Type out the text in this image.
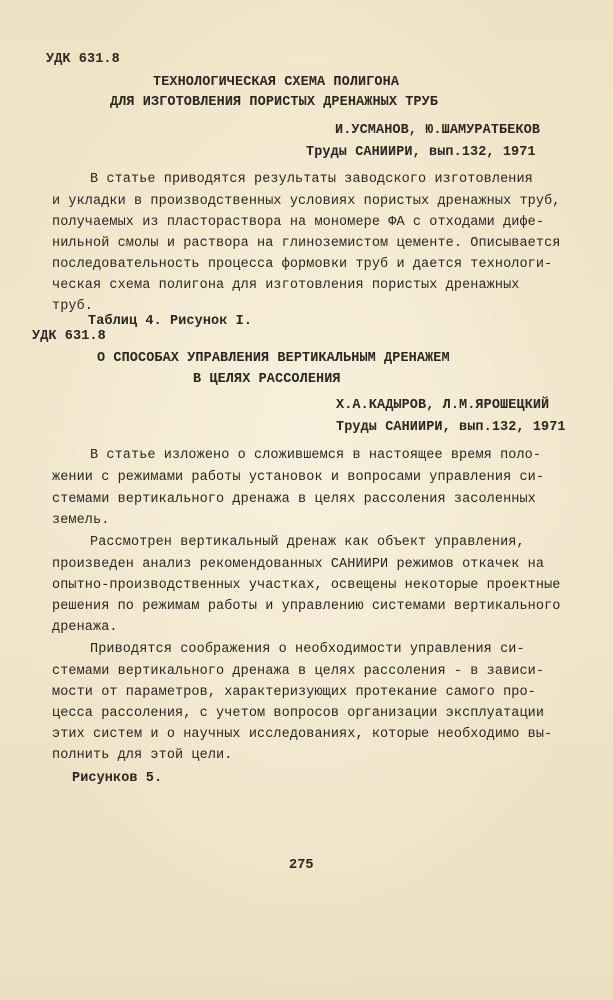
УДК 631.8
ТЕХНОЛОГИЧЕСКАЯ СХЕМА ПОЛИГОНА
ДЛЯ ИЗГОТОВЛЕНИЯ ПОРИСТЫХ ДРЕНАЖНЫХ ТРУБ
И.УСМАНОВ, Ю.ШАМУРАТБЕКОВ
Труды САНИИРИ, вып.132, 1971
В статье приводятся результаты заводского изготовления
и укладки в производственных условиях пористых дренажных труб,
получаемых из пластораствора на мономере ФА с отходами дифе-
нильной смолы и раствора на глиноземистом цементе. Описывается
последовательность процесса формовки труб и дается технологи-
ческая схема полигона для изготовления пористых дренажных
труб.
Таблиц 4. Рисунок I.
УДК 631.8
О СПОСОБАХ УПРАВЛЕНИЯ ВЕРТИКАЛЬНЫМ ДРЕНАЖЕМ
В ЦЕЛЯХ РАССОЛЕНИЯ
Х.А.КАДЫРОВ, Л.М.ЯРОШЕЦКИЙ
Труды САНИИРИ, вып.132, 1971
В статье изложено о сложившемся в настоящее время поло-
жении с режимами работы установок и вопросами управления си-
стемами вертикального дренажа в целях рассоления засоленных
земель.
Рассмотрен вертикальный дренаж как объект управления,
произведен анализ рекомендованных САНИИРИ режимов откачек на
опытно-производственных участках, освещены некоторые проектные
решения по режимам работы и управлению системами вертикального
дренажа.
Приводятся соображения о необходимости управления си-
стемами вертикального дренажа в целях рассоления - в зависи-
мости от параметров, характеризующих протекание самого про-
цесса рассоления, с учетом вопросов организации эксплуатации
этих систем и о научных исследованиях, которые необходимо вы-
полнить для этой цели.
Рисунков 5.
275
